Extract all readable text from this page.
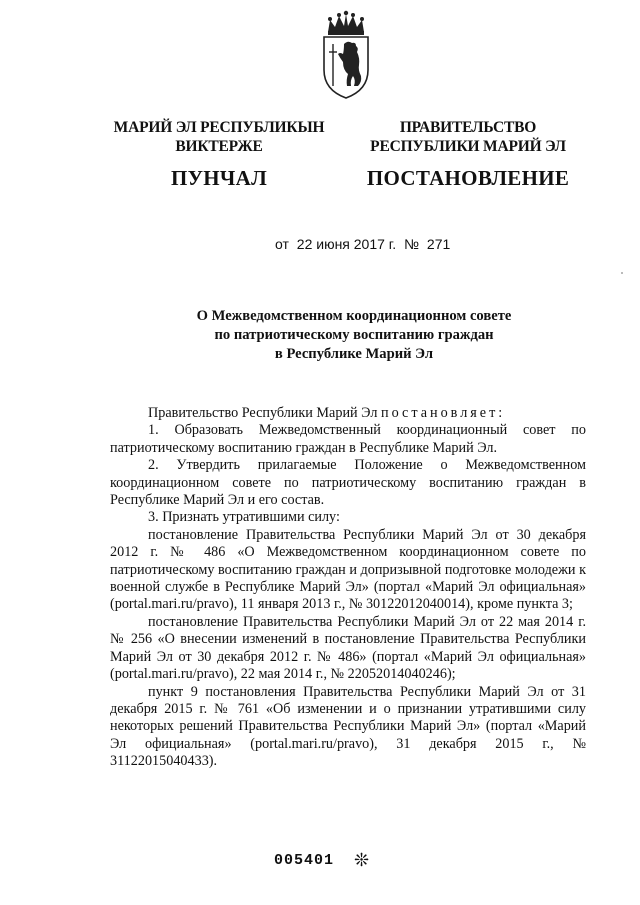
МАРИЙ ЭЛ РЕСПУБЛИКЫН
ВИКТЕРЖЕ
ПУНЧАЛ
ПРАВИТЕЛЬСТВО
РЕСПУБЛИКИ МАРИЙ ЭЛ
ПОСТАНОВЛЕНИЕ
от 22 июня 2017 г. № 271
О Межведомственном координационном совете
по патриотическому воспитанию граждан
в Республике Марий Эл

Правительство Республики Марий Эл постановляет:

1. Образовать Межведомственный координационный совет по патриотическому воспитанию граждан в Республике Марий Эл.

2. Утвердить прилагаемые Положение о Межведомственном координационном совете по патриотическому воспитанию граждан в Республике Марий Эл и его состав.

3. Признать утратившими силу:

постановление Правительства Республики Марий Эл от 30 декабря 2012 г. № 486 «О Межведомственном координационном совете по патриотическому воспитанию граждан и допризывной подготовке молодежи к военной службе в Республике Марий Эл» (портал «Марий Эл официальная» (portal.mari.ru/pravo), 11 января 2013 г., № 30122012040014), кроме пункта 3;

постановление Правительства Республики Марий Эл от 22 мая 2014 г. № 256 «О внесении изменений в постановление Правительства Республики Марий Эл от 30 декабря 2012 г. № 486» (портал «Марий Эл официальная» (portal.mari.ru/pravo), 22 мая 2014 г., № 22052014040246);

пункт 9 постановления Правительства Республики Марий Эл от 31 декабря 2015 г. № 761 «Об изменении и о признании утратившими силу некоторых решений Правительства Республики Марий Эл» (портал «Марий Эл официальная» (portal.mari.ru/pravo), 31 декабря 2015 г., № 31122015040433).

005401 ❊
